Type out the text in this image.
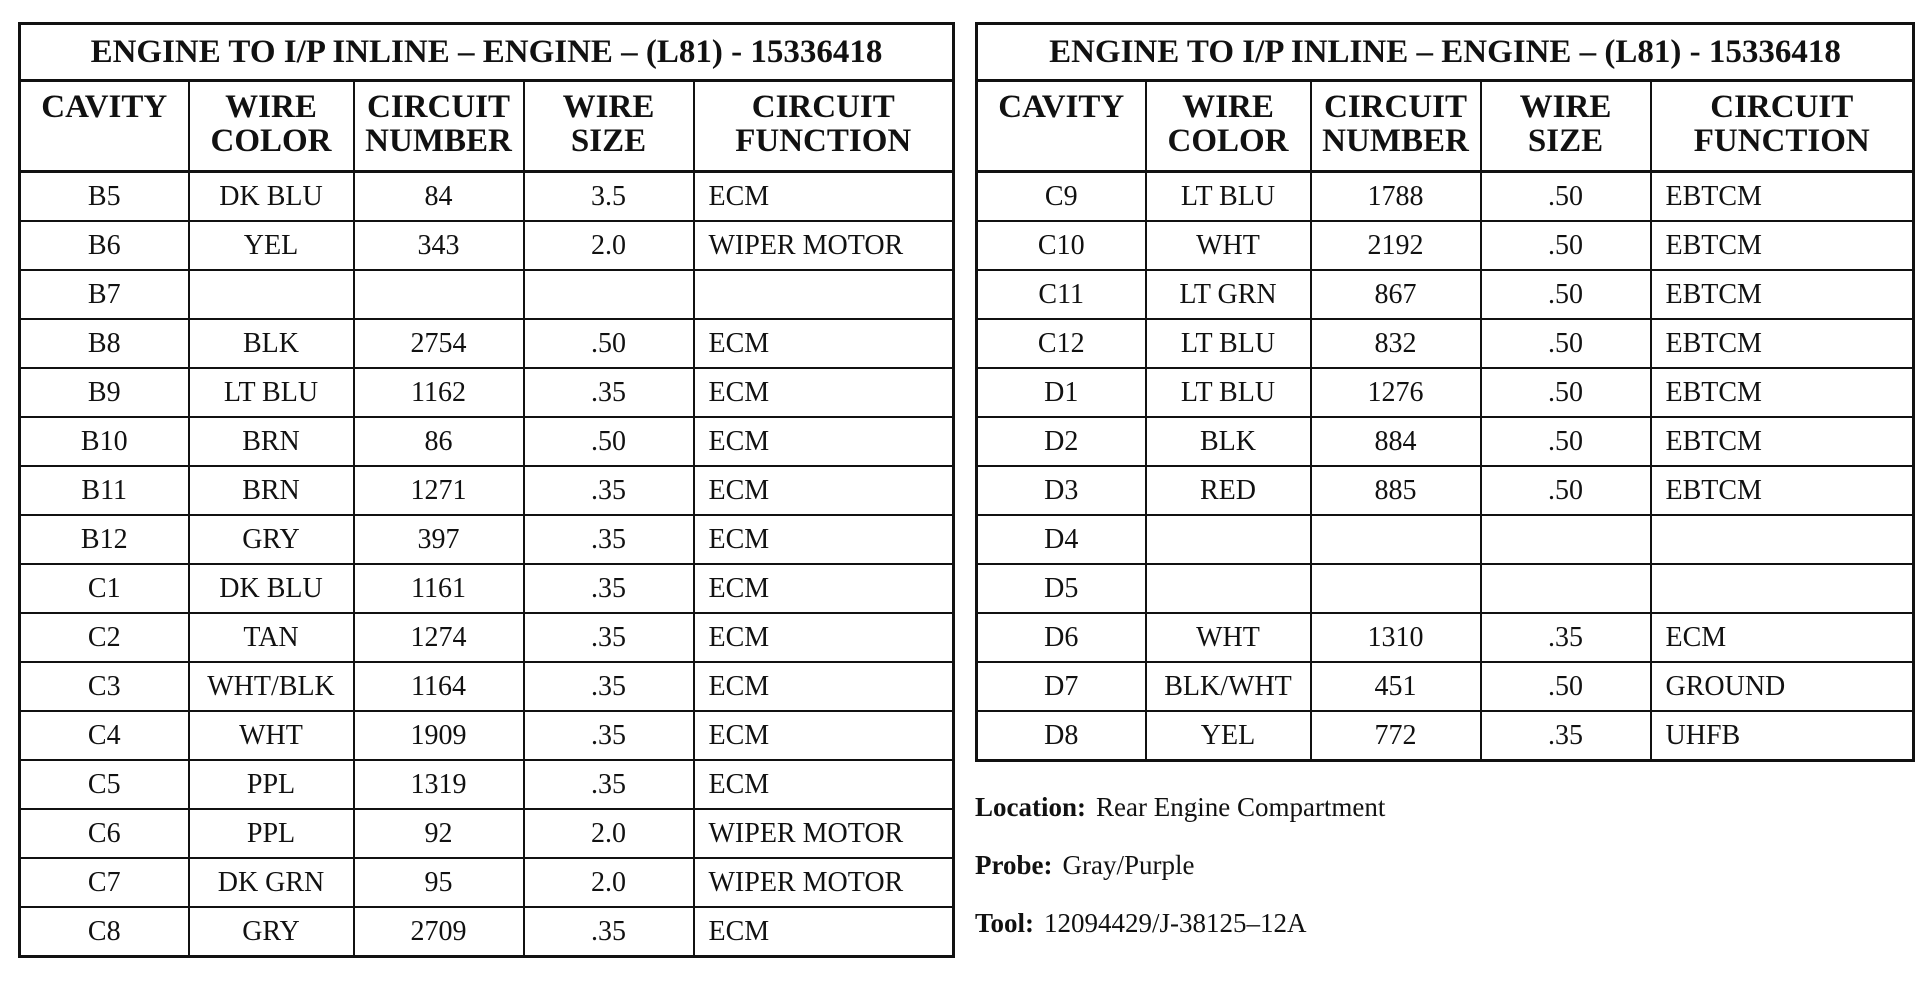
ENGINE TO I/P INLINE – ENGINE – (L81) - 15336418				
CAVITY	WIRE COLOR	CIRCUIT NUMBER	WIRE SIZE	CIRCUIT FUNCTION
B5	DK BLU	84	3.5	ECM
B6	YEL	343	2.0	WIPER MOTOR
B7				
B8	BLK	2754	.50	ECM
B9	LT BLU	1162	.35	ECM
B10	BRN	86	.50	ECM
B11	BRN	1271	.35	ECM
B12	GRY	397	.35	ECM
C1	DK BLU	1161	.35	ECM
C2	TAN	1274	.35	ECM
C3	WHT/BLK	1164	.35	ECM
C4	WHT	1909	.35	ECM
C5	PPL	1319	.35	ECM
C6	PPL	92	2.0	WIPER MOTOR
C7	DK GRN	95	2.0	WIPER MOTOR
C8	GRY	2709	.35	ECM
ENGINE TO I/P INLINE – ENGINE – (L81) - 15336418				
CAVITY	WIRE COLOR	CIRCUIT NUMBER	WIRE SIZE	CIRCUIT FUNCTION
C9	LT BLU	1788	.50	EBTCM
C10	WHT	2192	.50	EBTCM
C11	LT GRN	867	.50	EBTCM
C12	LT BLU	832	.50	EBTCM
D1	LT BLU	1276	.50	EBTCM
D2	BLK	884	.50	EBTCM
D3	RED	885	.50	EBTCM
D4				
D5				
D6	WHT	1310	.35	ECM
D7	BLK/WHT	451	.50	GROUND
D8	YEL	772	.35	UHFB
Location: Rear Engine Compartment
Probe: Gray/Purple
Tool: 12094429/J-38125–12A
